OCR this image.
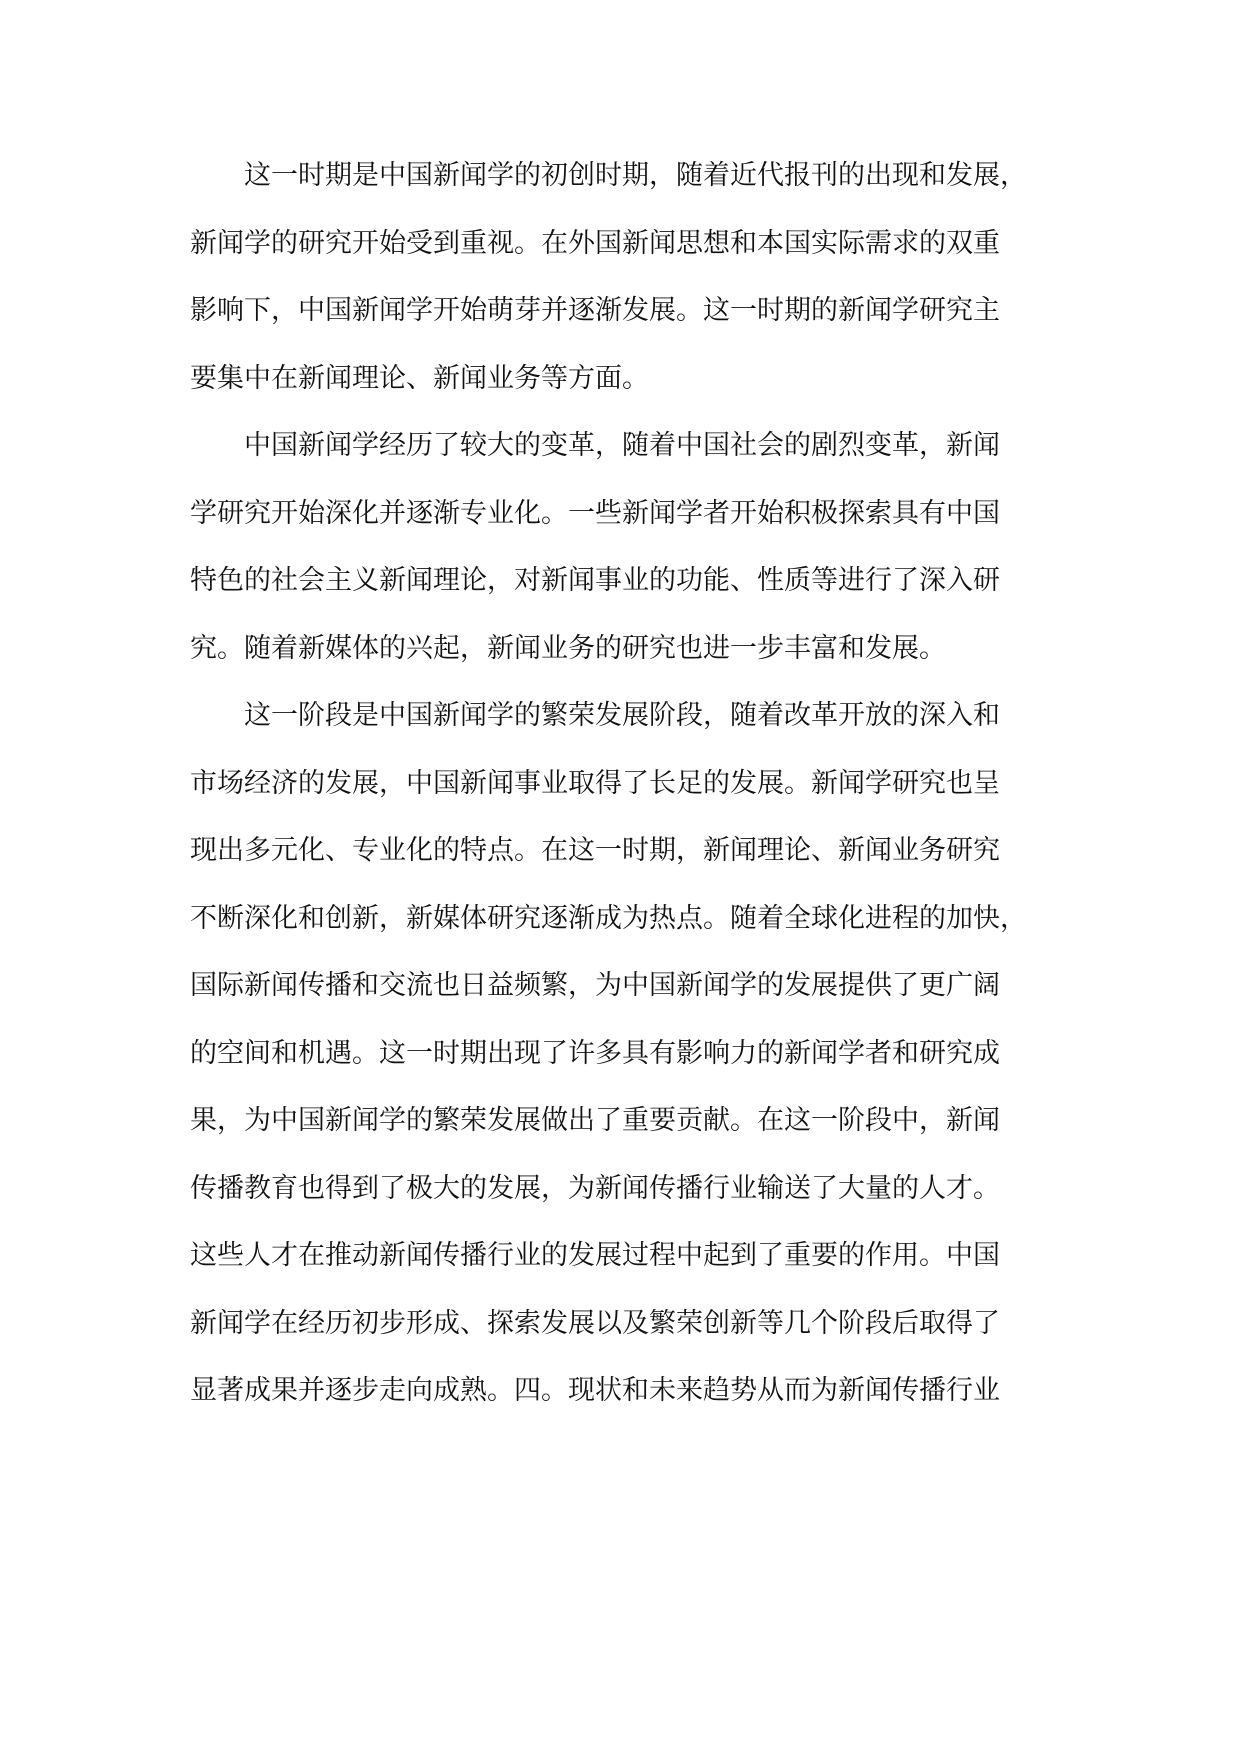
这一时期是中国新闻学的初创时期，随着近代报刊的出现和发展，
新闻学的研究开始受到重视。在外国新闻思想和本国实际需求的双重
影响下，中国新闻学开始萌芽并逐渐发展。这一时期的新闻学研究主
要集中在新闻理论、新闻业务等方面。
中国新闻学经历了较大的变革，随着中国社会的剧烈变革，新闻
学研究开始深化并逐渐专业化。一些新闻学者开始积极探索具有中国
特色的社会主义新闻理论，对新闻事业的功能、性质等进行了深入研
究。随着新媒体的兴起，新闻业务的研究也进一步丰富和发展。
这一阶段是中国新闻学的繁荣发展阶段，随着改革开放的深入和
市场经济的发展，中国新闻事业取得了长足的发展。新闻学研究也呈
现出多元化、专业化的特点。在这一时期，新闻理论、新闻业务研究
不断深化和创新，新媒体研究逐渐成为热点。随着全球化进程的加快，
国际新闻传播和交流也日益频繁，为中国新闻学的发展提供了更广阔
的空间和机遇。这一时期出现了许多具有影响力的新闻学者和研究成
果，为中国新闻学的繁荣发展做出了重要贡献。在这一阶段中，新闻
传播教育也得到了极大的发展，为新闻传播行业输送了大量的人才。
这些人才在推动新闻传播行业的发展过程中起到了重要的作用。中国
新闻学在经历初步形成、探索发展以及繁荣创新等几个阶段后取得了
显著成果并逐步走向成熟。四。现状和未来趋势从而为新闻传播行业
